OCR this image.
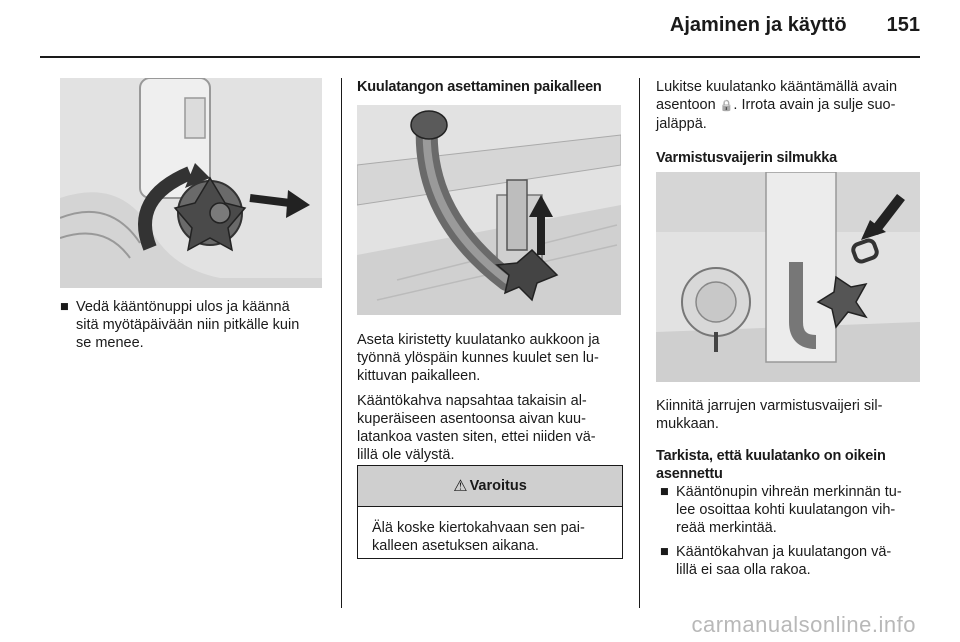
Ajaminen ja käyttö 151
■ Vedä kääntönuppi ulos ja käännä
sitä myötäpäivään niin pitkälle kuin
se menee.
Kuulatangon asettaminen paikalleen

Aseta kiristetty kuulatanko aukkoon ja
työnnä ylöspäin kunnes kuulet sen lu-
kittuvan paikalleen.

Kääntökahva napsahtaa takaisin al-
kuperäiseen asentoonsa aivan kuu-
latankoa vasten siten, ettei niiden vä-
lillä ole välystä.

⚠ Varoitus
Älä koske kiertokahvaan sen pai-
kalleen asetuksen aikana.

Lukitse kuulatanko kääntämällä avain
asentoon 🔒. Irrota avain ja sulje suo-
jaläppä.

Varmistusvaijerin silmukka

Kiinnitä jarrujen varmistusvaijeri sil-
mukkaan.

Tarkista, että kuulatanko on oikein
asennettu
■ Kääntönupin vihreän merkinnän tu-
lee osoittaa kohti kuulatangon vih-
reää merkintää.
■ Kääntökahvan ja kuulatangon vä-
lillä ei saa olla rakoa.
carmanualsonline.info
